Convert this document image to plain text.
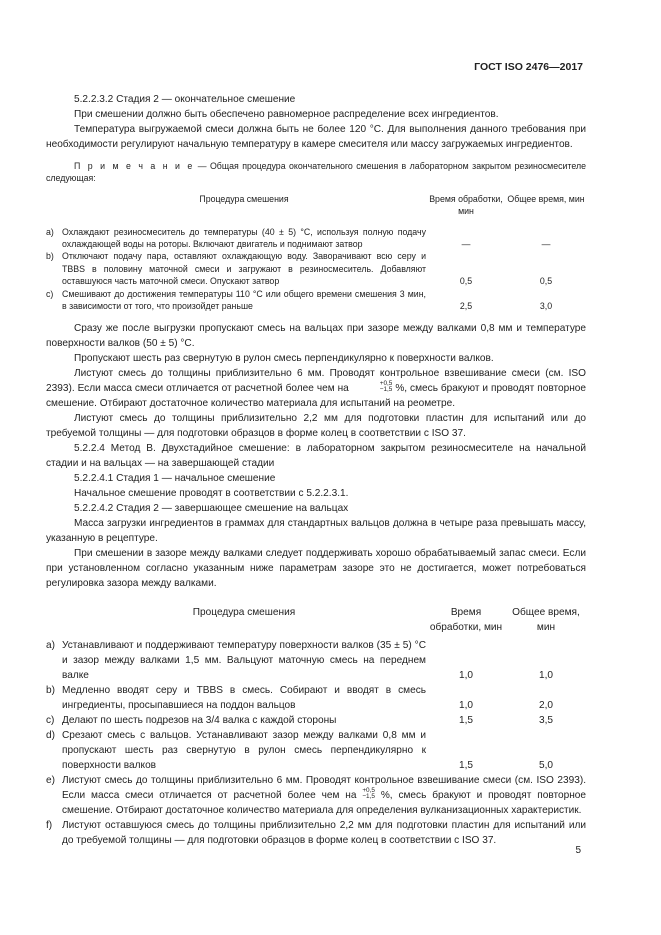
ГОСТ ISO 2476—2017

5.2.2.3.2 Стадия 2 — окончательное смешение

При смешении должно быть обеспечено равномерное распределение всех ингредиентов.

Температура выгружаемой смеси должна быть не более 120 °С. Для выполнения данного требования при необходимости регулируют начальную температуру в камере смесителя или массу загружаемых ингредиентов.

П р и м е ч а н и е — Общая процедура окончательного смешения в лабораторном закрытом резиносмесителе следующая:

	Процедура смешения	Время обработки, мин	Общее время, мин

а)	Охлаждают резиносмеситель до температуры (40 ± 5) °С, используя полную подачу охлаждающей воды на роторы. Включают двигатель и поднимают затвор	—	—
b)	Отключают подачу пара, оставляют охлаждающую воду. Заворачивают всю серу и TBBS в половину маточной смеси и загружают в резиносмеситель. Добавляют оставшуюся часть маточной смеси. Опускают затвор	0,5	0,5
c)	Смешивают до достижения температуры 110 °С или общего времени смешения 3 мин, в зависимости от того, что произойдет раньше	2,5	3,0

Сразу же после выгрузки пропускают смесь на вальцах при зазоре между валками 0,8 мм и температуре поверхности валков (50 ± 5) °С.

Пропускают шесть раз свернутую в рулон смесь перпендикулярно к поверхности валков.

Листуют смесь до толщины приблизительно 6 мм. Проводят контрольное взвешивание смеси (см. ISO 2393). Если масса смеси отличается от расчетной более чем на
$^{+0,5 -1,5}$ %, смесь бракуют и проводят повторное смешение. Отбирают достаточное количество материала для испытаний на реометре.

Листуют смесь до толщины приблизительно 2,2 мм для подготовки пластин для испытаний или до требуемой толщины — для подготовки образцов в форме колец в соответствии с ISO 37.

5.2.2.4 Метод В. Двухстадийное смешение: в лабораторном закрытом резиносмесителе на начальной стадии и на вальцах — на завершающей стадии

5.2.2.4.1 Стадия 1 — начальное смешение

Начальное смешение проводят в соответствии с 5.2.2.3.1.

5.2.2.4.2 Стадия 2 — завершающее смешение на вальцах

Масса загрузки ингредиентов в граммах для стандартных вальцов должна в четыре раза превышать массу, указанную в рецептуре.

При смешении в зазоре между валками следует поддерживать хорошо обрабатываемый запас смеси. Если при установленном согласно указанным ниже параметрам зазоре это не достигается, может потребоваться регулировка зазора между валками.

	Процедура смешения	Время обработки, мин	Общее время, мин

а)	Устанавливают и поддерживают температуру поверхности валков (35 ± 5) °С и зазор между валками 1,5 мм. Вальцуют маточную смесь на переднем валке	1,0	1,0
b)	Медленно вводят серу и TBBS в смесь. Собирают и вводят в смесь ингредиенты, просыпавшиеся на поддон вальцов	1,0	2,0
c)	Делают по шесть подрезов на 3/4 валка с каждой стороны	1,5	3,5
d)	Срезают смесь с вальцов. Устанавливают зазор между валками 0,8 мм и пропускают шесть раз свернутую в рулон смесь перпендикулярно к поверхности валков	1,5	5,0
e)	Листуют смесь до толщины приблизительно 6 мм. Проводят контрольное взвешивание смеси (см. ISO 2393). Если масса смеси отличается от расчетной более чем на
$^{+0,5 -1,5}$ %, смесь бракуют и проводят повторное смешение. Отбирают достаточное количество материала для определения вулканизационных характеристик.		
f)	Листуют оставшуюся смесь до толщины приблизительно 2,2 мм для подготовки пластин для испытаний или до требуемой толщины — для подготовки образцов в форме колец в соответствии с ISO 37.		
5
